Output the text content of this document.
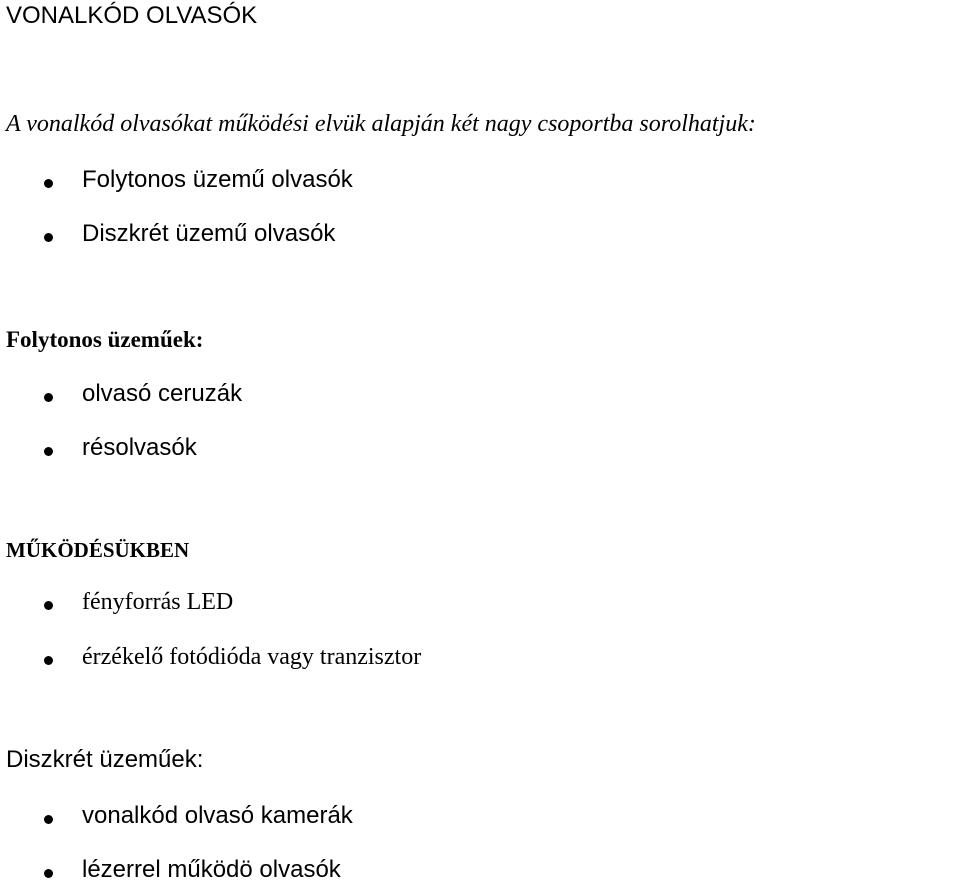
VONALKÓD OLVASÓK
A vonalkód olvasókat működési elvük alapján két nagy csoportba sorolhatjuk:
Folytonos üzemű olvasók
Diszkrét üzemű olvasók
Folytonos üzeműek:
olvasó ceruzák
résolvasók
MŰKÖDÉSÜKBEN
fényforrás LED
érzékelő fotódióda vagy tranzisztor
Diszkrét üzeműek:
vonalkód olvasó kamerák
lézerrel működö olvasók
